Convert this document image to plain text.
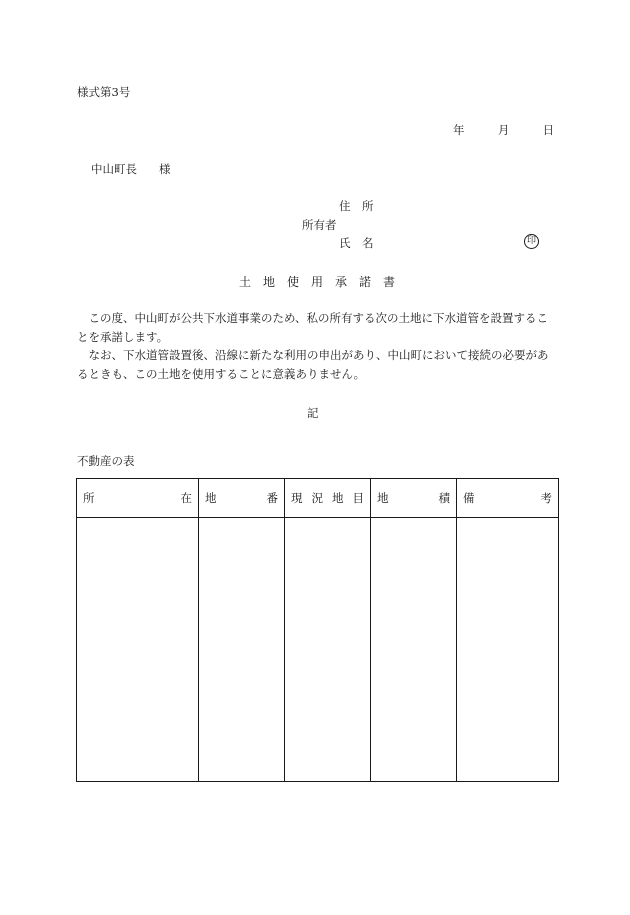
様式第3号
年	月	日
中山町長 様
住　所
所有者
氏　名	印
土地使用承諾書
　この度、中山町が公共下水道事業のため、私の所有する次の土地に下水道管を設置することを承諾します。
　なお、下水道管設置後、沿線に新たな利用の申出があり、中山町において接続の必要があるときも、この土地を使用することに意義ありません。
記
不動産の表
所 在	地 番	現 況 地 目	地 積	備 考
